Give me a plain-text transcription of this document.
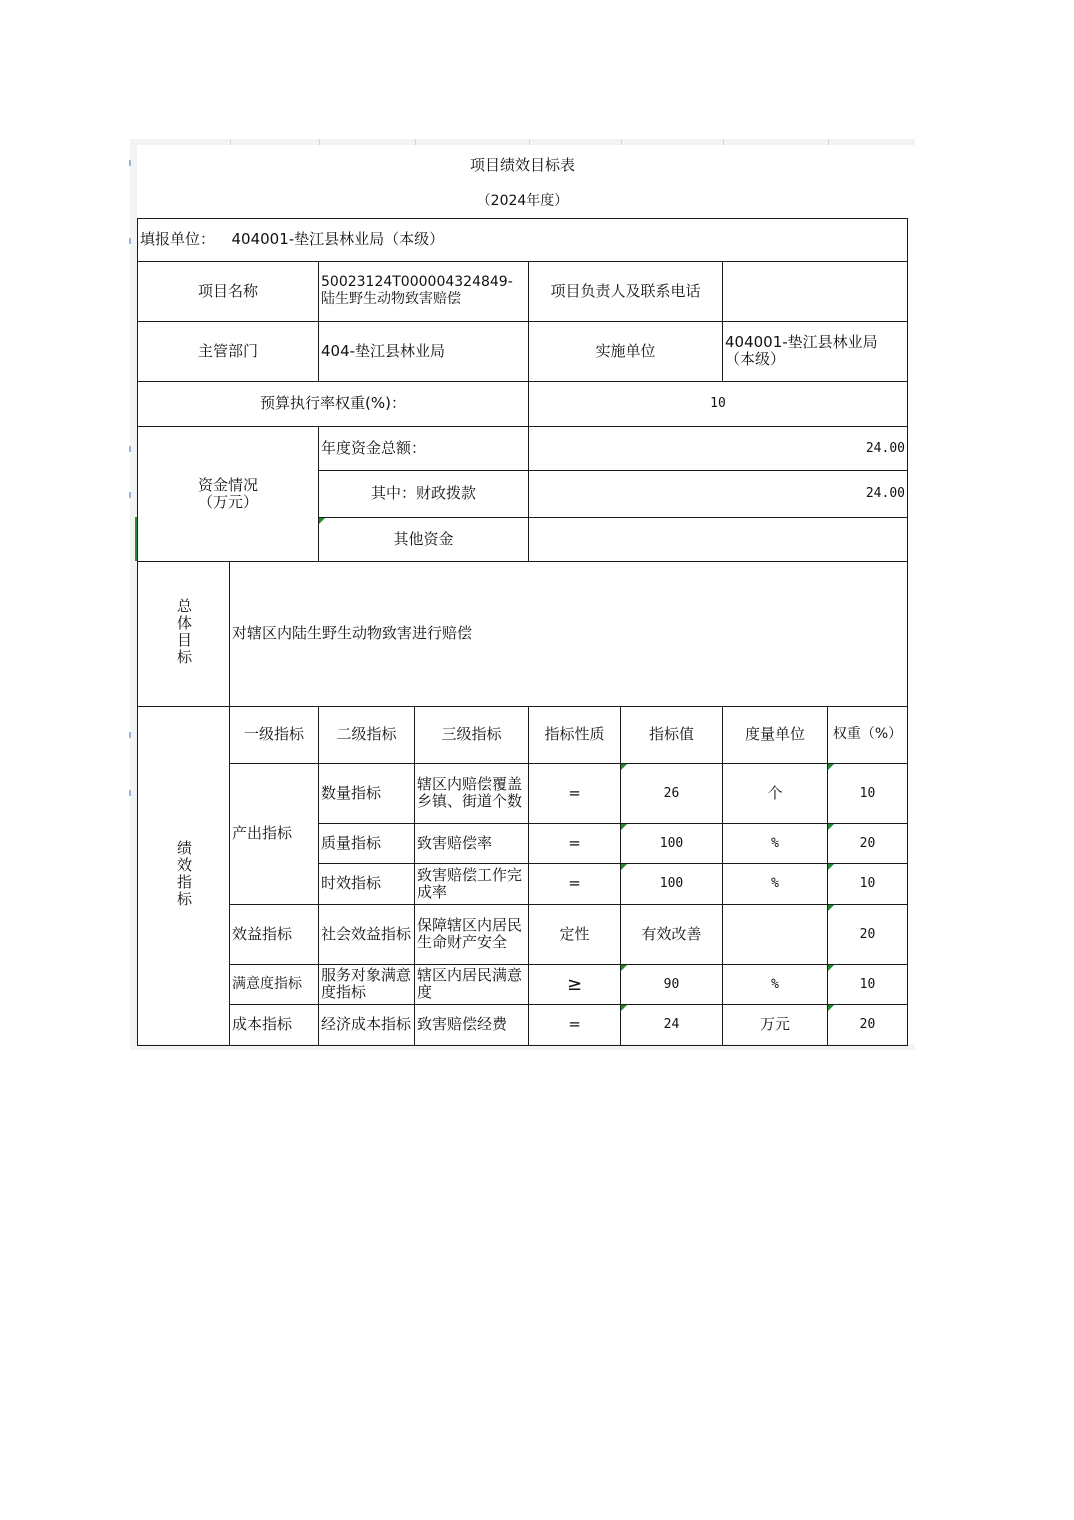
项目绩效目标表							
（2024年度）							
填报单位：	404001-垫江县林业局（本级）						
项目名称		50023124T000004324849-陆生野生动物致害赔偿		项目负责人及联系电话			
主管部门		404-垫江县林业局		实施单位		404001-垫江县林业局（本级）	
预算执行率权重(%)：				10			
资金情况（万元）		年度资金总额：		24.00			
		其中：财政拨款		24.00			
		其他资金					
总体目标	对辖区内陆生野生动物致害进行赔偿						
绩效指标	一级指标	二级指标	三级指标	指标性质	指标值	度量单位	权重（%）
	产出指标	数量指标	辖区内赔偿覆盖乡镇、街道个数	=	26	个	10
		质量指标	致害赔偿率	=	100	%	20
		时效指标	致害赔偿工作完成率	=	100	%	10
	效益指标	社会效益指标	保障辖区内居民生命财产安全	定性	有效改善		20
	满意度指标	服务对象满意度指标	辖区内居民满意度	≥	90	%	10
	成本指标	经济成本指标	致害赔偿经费	=	24	万元	20
